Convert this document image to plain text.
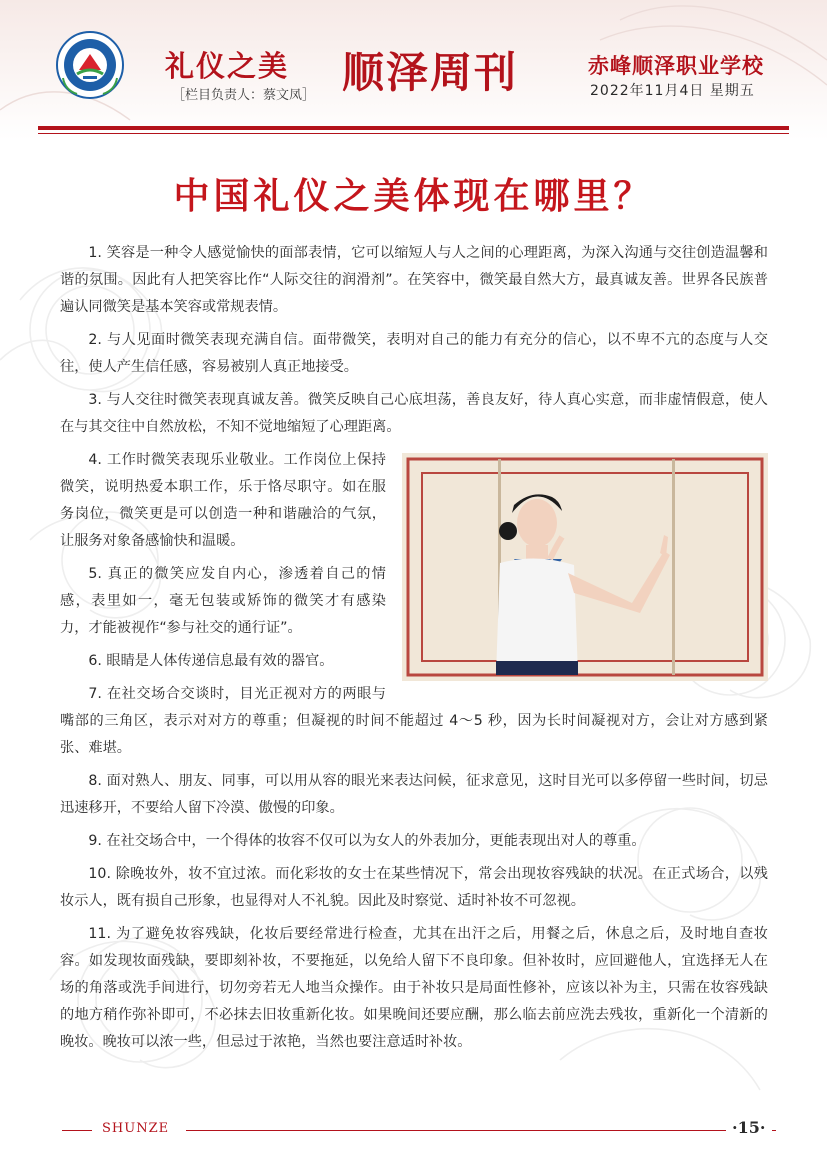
礼仪之美
［栏目负责人：蔡文凤］ 顺泽周刊	赤峰顺泽职业学校
2022年11月4日 星期五
中国礼仪之美体现在哪里？

1. 笑容是一种令人感觉愉快的面部表情，它可以缩短人与人之间的心理距离，为深入沟通与交往创造温馨和谐的氛围。因此有人把笑容比作“人际交往的润滑剂”。在笑容中，微笑最自然大方，最真诚友善。世界各民族普遍认同微笑是基本笑容或常规表情。

2. 与人见面时微笑表现充满自信。面带微笑，表明对自己的能力有充分的信心，以不卑不亢的态度与人交往，使人产生信任感，容易被别人真正地接受。

3. 与人交往时微笑表现真诚友善。微笑反映自己心底坦荡，善良友好，待人真心实意，而非虚情假意，使人在与其交往中自然放松，不知不觉地缩短了心理距离。

4. 工作时微笑表现乐业敬业。工作岗位上保持微笑，说明热爱本职工作，乐于恪尽职守。如在服务岗位，微笑更是可以创造一种和谐融洽的气氛，让服务对象备感愉快和温暖。

5. 真正的微笑应发自内心，渗透着自己的情感，表里如一，毫无包装或矫饰的微笑才有感染力，才能被视作“参与社交的通行证”。

6. 眼睛是人体传递信息最有效的器官。

7. 在社交场合交谈时，目光正视对方的两眼与嘴部的三角区，表示对对方的尊重；但凝视的时间不能超过 4～5 秒，因为长时间凝视对方，会让对方感到紧张、难堪。

8. 面对熟人、朋友、同事，可以用从容的眼光来表达问候，征求意见，这时目光可以多停留一些时间，切忌迅速移开，不要给人留下冷漠、傲慢的印象。

9. 在社交场合中，一个得体的妆容不仅可以为女人的外表加分，更能表现出对人的尊重。

10. 除晚妆外，妆不宜过浓。而化彩妆的女士在某些情况下，常会出现妆容残缺的状况。在正式场合，以残妆示人，既有损自己形象，也显得对人不礼貌。因此及时察觉、适时补妆不可忽视。

11. 为了避免妆容残缺，化妆后要经常进行检查，尤其在出汗之后，用餐之后，休息之后，及时地自查妆容。如发现妆面残缺，要即刻补妆，不要拖延，以免给人留下不良印象。但补妆时，应回避他人，宜选择无人在场的角落或洗手间进行，切勿旁若无人地当众操作。由于补妆只是局面性修补，应该以补为主，只需在妆容残缺的地方稍作弥补即可，不必抹去旧妆重新化妆。如果晚间还要应酬，那么临去前应洗去残妆，重新化一个清新的晚妆。晚妆可以浓一些，但忌过于浓艳，当然也要注意适时补妆。

SHUNZE	·15·
